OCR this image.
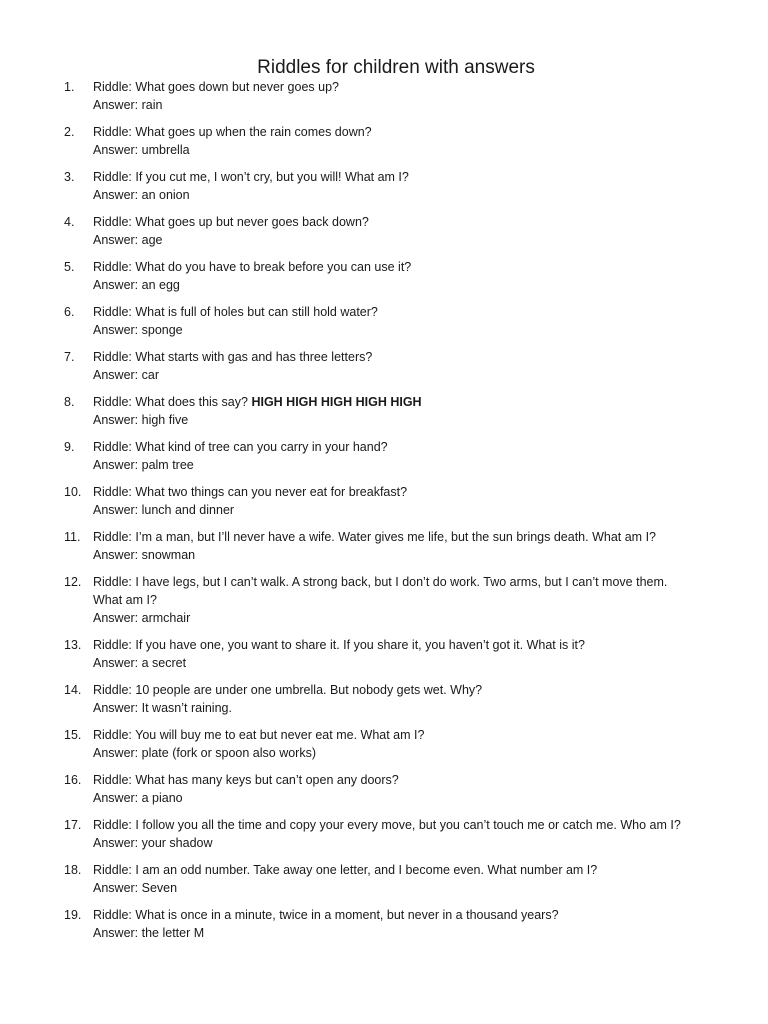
Riddles for children with answers
1.	Riddle: What goes down but never goes up?
Answer: rain
2.	Riddle: What goes up when the rain comes down?
Answer: umbrella
3.	Riddle: If you cut me, I won’t cry, but you will! What am I?
Answer: an onion
4.	Riddle: What goes up but never goes back down?
Answer: age
5.	Riddle: What do you have to break before you can use it?
Answer: an egg
6.	Riddle: What is full of holes but can still hold water?
Answer: sponge
7.	Riddle: What starts with gas and has three letters?
Answer: car
8.	Riddle: What does this say? HIGH HIGH HIGH HIGH HIGH
Answer: high five
9.	Riddle: What kind of tree can you carry in your hand?
Answer: palm tree
10. Riddle: What two things can you never eat for breakfast?
Answer: lunch and dinner
11.	Riddle: I’m a man, but I’ll never have a wife. Water gives me life, but the sun brings death. What am I?
Answer: snowman
12. Riddle: I have legs, but I can’t walk. A strong back, but I don’t do work. Two arms, but I can’t move them.
What am I?
Answer: armchair
13. Riddle: If you have one, you want to share it. If you share it, you haven’t got it. What is it?
Answer: a secret
14. Riddle: 10 people are under one umbrella. But nobody gets wet. Why?
Answer: It wasn’t raining.
15. Riddle: You will buy me to eat but never eat me. What am I?
Answer: plate (fork or spoon also works)
16. Riddle: What has many keys but can’t open any doors?
Answer: a piano
17. Riddle: I follow you all the time and copy your every move, but you can’t touch me or catch me. Who am I?
Answer: your shadow
18. Riddle: I am an odd number. Take away one letter, and I become even. What number am I?
Answer: Seven
19. Riddle: What is once in a minute, twice in a moment, but never in a thousand years?
Answer: the letter M
